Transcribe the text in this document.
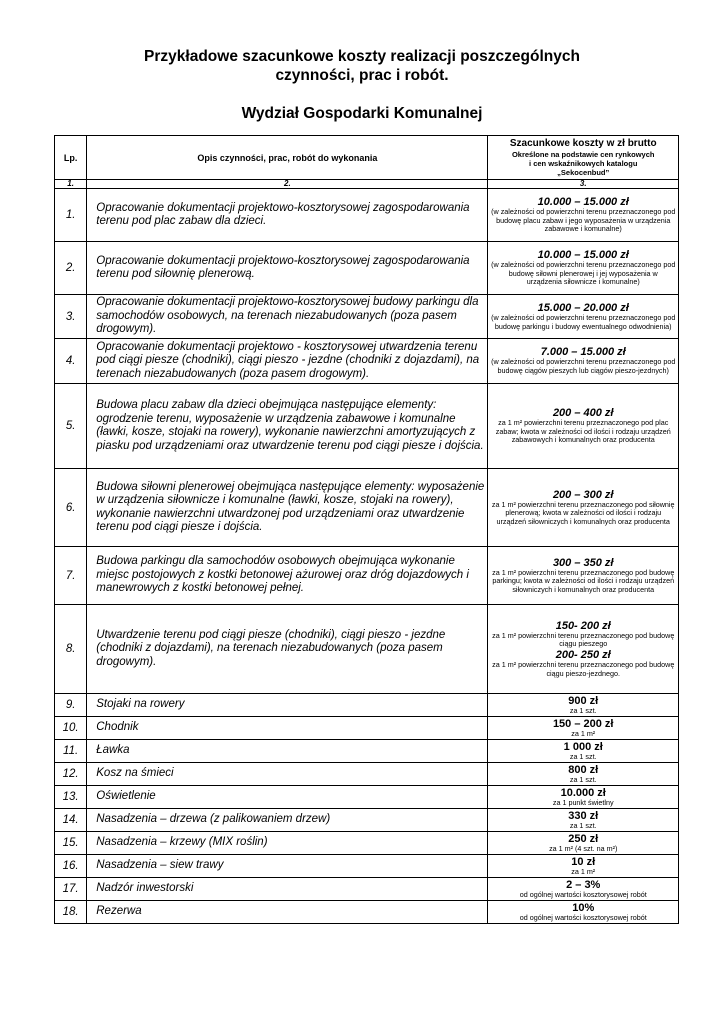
Przykładowe szacunkowe koszty realizacji poszczególnych
czynności, prac i robót.
Wydział Gospodarki Komunalnej
Lp.	Opis czynności, prac, robót do wykonania	Szacunkowe koszty w zł brutto
Określone na podstawie cen rynkowych
i cen wskaźnikowych katalogu
„Sekocenbud”

1.	2.	3.
1.	Opracowanie dokumentacji projektowo-kosztorysowej zagospodarowania terenu pod plac zabaw dla dzieci.	10.000 – 15.000 zł
(w zależności od powierzchni terenu przeznaczonego pod budowę placu zabaw i jego wyposażenia w urządzenia zabawowe i komunalne)

2.	Opracowanie dokumentacji projektowo-kosztorysowej zagospodarowania terenu pod siłownię plenerową.	10.000 – 15.000 zł
(w zależności od powierzchni terenu przeznaczonego pod budowę siłowni plenerowej i jej wyposażenia w urządzenia siłownicze i komunalne)

3.	Opracowanie dokumentacji projektowo-kosztorysowej budowy parkingu dla samochodów osobowych, na terenach niezabudowanych (poza pasem drogowym).	15.000 – 20.000 zł
(w zależności od powierzchni terenu przeznaczonego pod budowę parkingu i budowy ewentualnego odwodnienia)

4.	Opracowanie dokumentacji projektowo - kosztorysowej utwardzenia terenu pod ciągi piesze (chodniki), ciągi pieszo - jezdne (chodniki z dojazdami), na terenach niezabudowanych (poza pasem drogowym).	7.000 – 15.000 zł
(w zależności od powierzchni terenu przeznaczonego pod budowę ciągów pieszych lub ciągów pieszo-jezdnych)

5.	Budowa placu zabaw dla dzieci obejmująca następujące elementy: ogrodzenie terenu, wyposażenie w urządzenia zabawowe i komunalne (ławki, kosze, stojaki na rowery), wykonanie nawierzchni amortyzujących z piasku pod urządzeniami oraz utwardzenie terenu pod ciągi piesze i dojścia.	200 – 400 zł
za 1 m² powierzchni terenu przeznaczonego pod plac zabaw; kwota w zależności od ilości i rodzaju urządzeń zabawowych i komunalnych oraz producenta

6.	Budowa siłowni plenerowej obejmująca następujące elementy: wyposażenie w urządzenia siłownicze i komunalne (ławki, kosze, stojaki na rowery), wykonanie nawierzchni utwardzonej pod urządzeniami oraz utwardzenie terenu pod ciągi piesze i dojścia.	200 – 300 zł
za 1 m² powierzchni terenu przeznaczonego pod siłownię plenerową; kwota w zależności od ilości i rodzaju urządzeń siłowniczych i komunalnych oraz producenta

7.	Budowa parkingu dla samochodów osobowych obejmująca wykonanie miejsc postojowych z kostki betonowej ażurowej oraz dróg dojazdowych i manewrowych z kostki betonowej pełnej.	300 – 350 zł
za 1 m² powierzchni terenu przeznaczonego pod budowę parkingu; kwota w zależności od ilości i rodzaju urządzeń siłowniczych i komunalnych oraz producenta

8.	Utwardzenie terenu pod ciągi piesze (chodniki), ciągi pieszo - jezdne (chodniki z dojazdami), na terenach niezabudowanych (poza pasem drogowym).	150- 200 zł
za 1 m² powierzchni terenu przeznaczonego pod budowę ciągu pieszego
200- 250 zł
za 1 m² powierzchni terenu przeznaczonego pod budowę ciągu pieszo-jezdnego.

9.	Stojaki na rowery	900 zł
za 1 szt.

10.	Chodnik	150 – 200 zł
za 1 m²

11.	Ławka	1 000 zł
za 1 szt.

12.	Kosz na śmieci	800 zł
za 1 szt.

13.	Oświetlenie	10.000 zł
za 1 punkt świetlny

14.	Nasadzenia – drzewa (z palikowaniem drzew)	330 zł
za 1 szt.

15.	Nasadzenia – krzewy (MIX roślin)	250 zł
za 1 m² (4 szt. na m²)

16.	Nasadzenia – siew trawy	10 zł
za 1 m²

17.	Nadzór inwestorski	2 – 3%
od ogólnej wartości kosztorysowej robót

18.	Rezerwa	10%
od ogólnej wartości kosztorysowej robót
